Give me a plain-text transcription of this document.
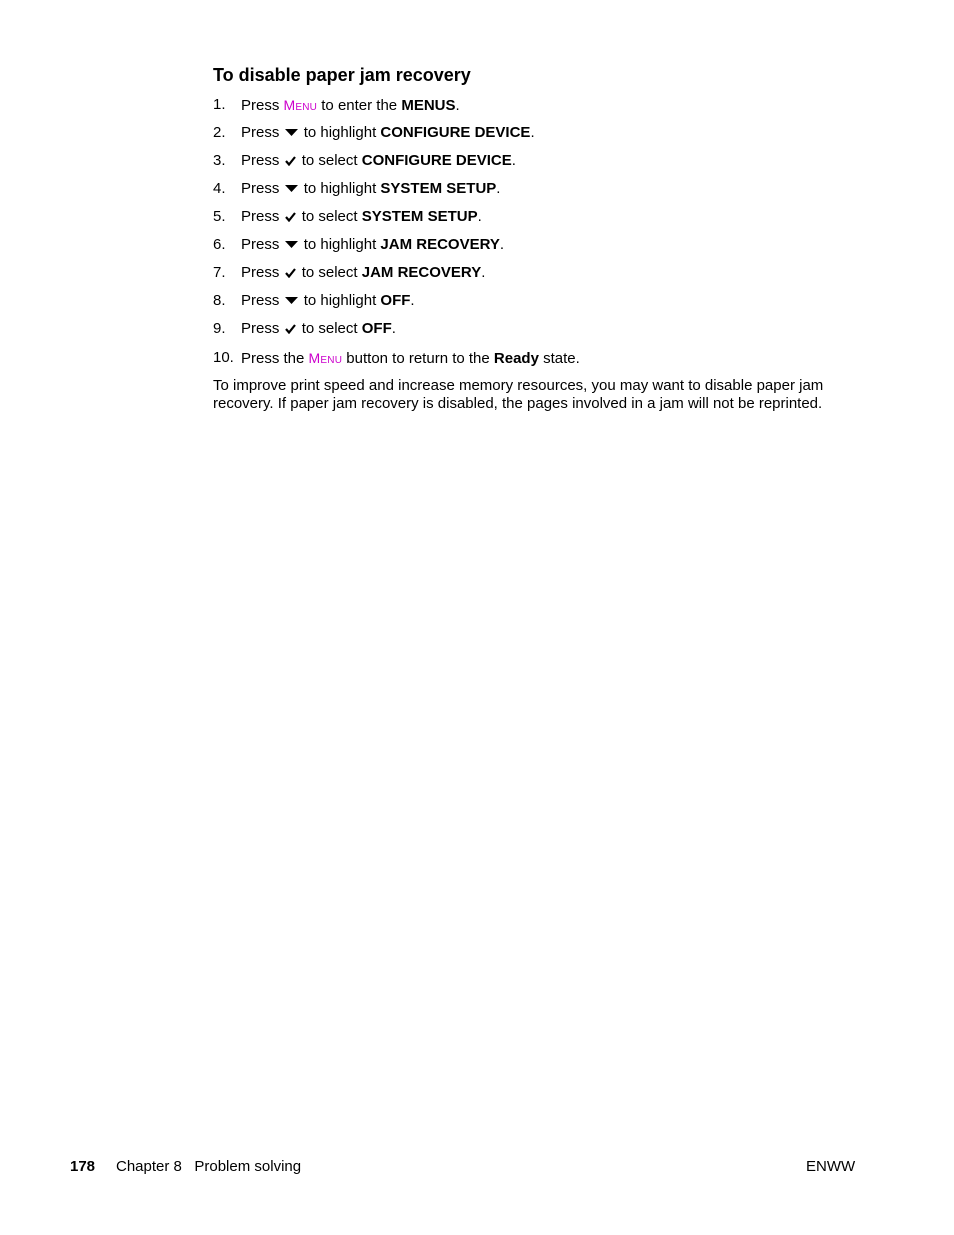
To disable paper jam recovery
1. Press Menu to enter the MENUS.
2. Press to highlight CONFIGURE DEVICE.
3. Press to select CONFIGURE DEVICE.
4. Press to highlight SYSTEM SETUP.
5. Press to select SYSTEM SETUP.
6. Press to highlight JAM RECOVERY.
7. Press to select JAM RECOVERY.
8. Press to highlight OFF.
9. Press to select OFF.
10. Press the Menu button to return to the Ready state.

To improve print speed and increase memory resources, you may want to disable paper jam recovery. If paper jam recovery is disabled, the pages involved in a jam will not be reprinted.

178 Chapter 8   Problem solving	ENWW
